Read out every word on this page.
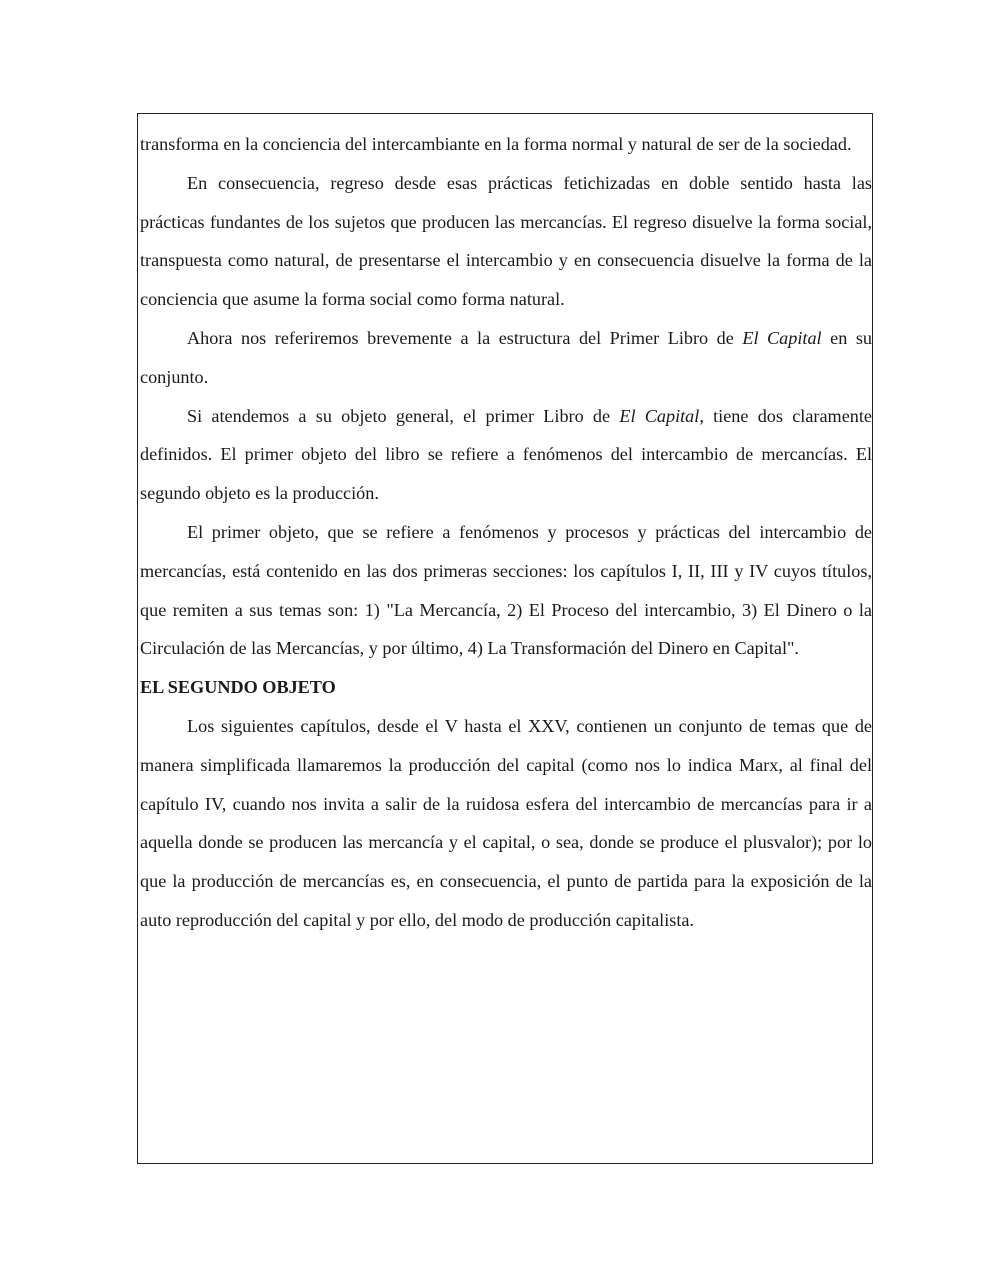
transforma en la conciencia del intercambiante en la forma normal y natural de ser de la sociedad.

En consecuencia, regreso desde esas prácticas fetichizadas en doble sentido hasta las prácticas fundantes de los sujetos que producen las mercancías. El regreso disuelve la forma social, transpuesta como natural, de presentarse el intercambio y en consecuencia disuelve la forma de la conciencia que asume la forma social como forma natural.

Ahora nos referiremos brevemente a la estructura del Primer Libro de El Capital en su conjunto.

Si atendemos a su objeto general, el primer Libro de El Capital, tiene dos claramente definidos. El primer objeto del libro se refiere a fenómenos del intercambio de mercancías. El segundo objeto es la producción.

El primer objeto, que se refiere a fenómenos y procesos y prácticas del intercambio de mercancías, está contenido en las dos primeras secciones: los capítulos I, II, III y IV cuyos títulos, que remiten a sus temas son: 1) "La Mercancía, 2) El Proceso del intercambio, 3) El Dinero o la Circulación de las Mercancías, y por último, 4) La Transformación del Dinero en Capital".

EL SEGUNDO OBJETO

Los siguientes capítulos, desde el V hasta el XXV, contienen un conjunto de temas que de manera simplificada llamaremos la producción del capital (como nos lo indica Marx, al final del capítulo IV, cuando nos invita a salir de la ruidosa esfera del intercambio de mercancías para ir a aquella donde se producen las mercancía y el capital, o sea, donde se produce el plusvalor); por lo que la producción de mercancías es, en consecuencia, el punto de partida para la exposición de la auto reproducción del capital y por ello, del modo de producción capitalista.
